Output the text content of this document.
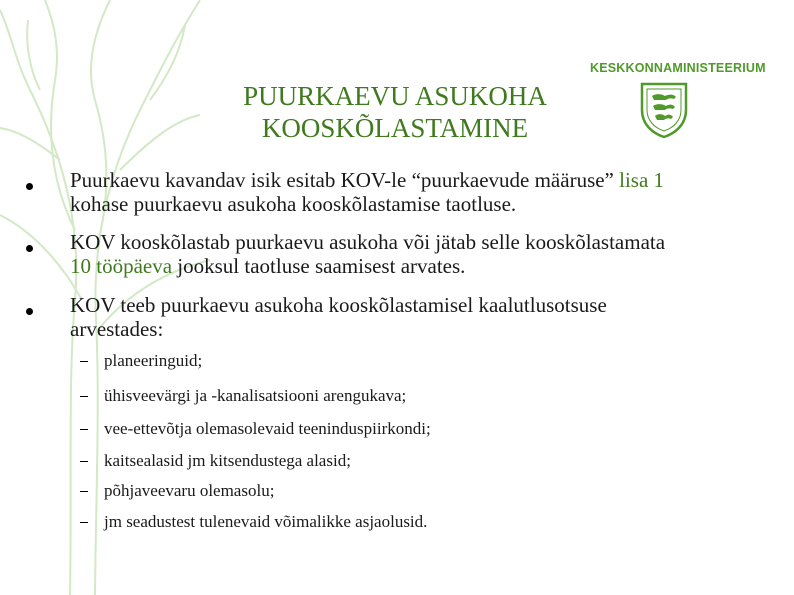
PUURKAEVU ASUKOHA
KOOSKÕLASTAMINE
KESKKONNAMINISTEERIUM
Puurkaevu kavandav isik esitab KOV-le “puurkaevude määruse” lisa 1
kohase puurkaevu asukoha kooskõlastamise taotluse.
KOV kooskõlastab puurkaevu asukoha või jätab selle kooskõlastamata
10 tööpäeva jooksul taotluse saamisest arvates.
KOV teeb puurkaevu asukoha kooskõlastamisel kaalutlusotsuse
arvestades:
planeeringuid;
ühisveevärgi ja -kanalisatsiooni arengukava;
vee-ettevõtja olemasolevaid teeninduspiirkondi;
kaitsealasid jm kitsendustega alasid;
põhjaveevaru olemasolu;
jm seadustest tulenevaid võimalikke asjaolusid.
